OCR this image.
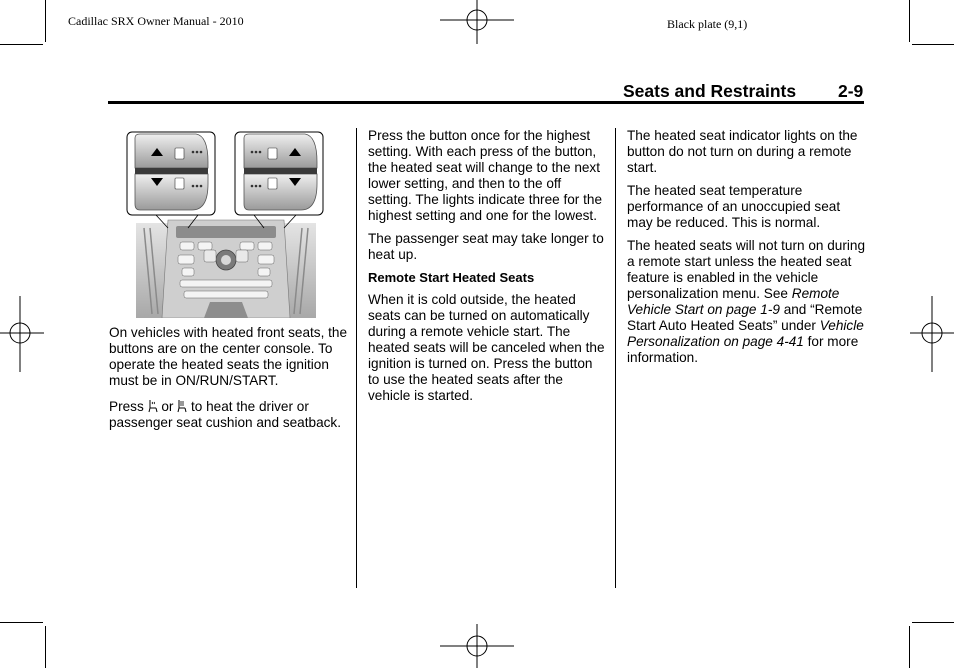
Cadillac SRX Owner Manual - 2010	Black plate (9,1)
Seats and Restraints 2-9

On vehicles with heated front seats, the buttons are on the center console. To operate the heated seats the ignition must be in ON/RUN/START.

Press or to heat the driver or passenger seat cushion and seatback.

Press the button once for the highest setting. With each press of the button, the heated seat will change to the next lower setting, and then to the off setting. The lights indicate three for the highest setting and one for the lowest.

The passenger seat may take longer to heat up.

Remote Start Heated Seats

When it is cold outside, the heated seats can be turned on automatically during a remote vehicle start. The heated seats will be canceled when the ignition is turned on. Press the button to use the heated seats after the vehicle is started.

The heated seat indicator lights on the button do not turn on during a remote start.

The heated seat temperature performance of an unoccupied seat may be reduced. This is normal.

The heated seats will not turn on during a remote start unless the heated seat feature is enabled in the vehicle personalization menu. See Remote Vehicle Start on page 1-9 and “Remote Start Auto Heated Seats” under Vehicle Personalization on page 4-41 for more information.
